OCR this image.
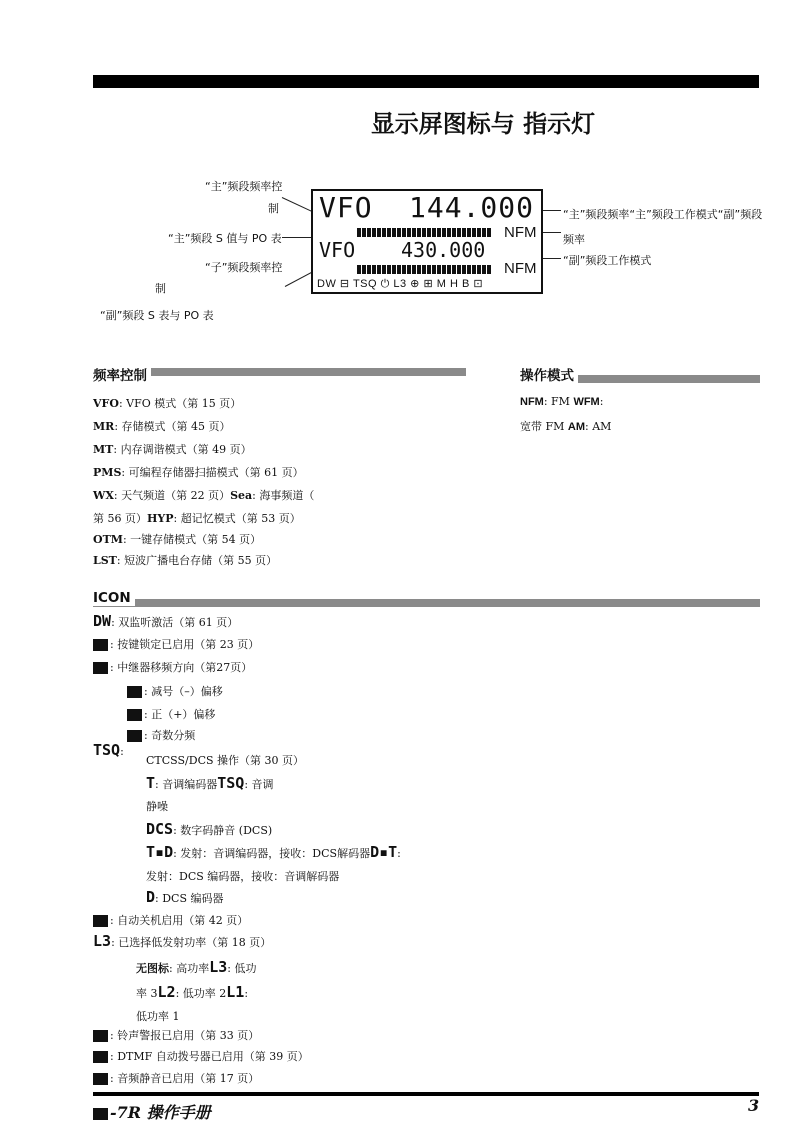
显示屏图标与 指示灯
“主”频段频率控
制
“主”频段 S 值与 PO 表
“子”频段频率控
制
“副”频段 S 表与 PO 表
“主”频段频率“主”频段工作模式“副”频段
频率
“副”频段工作模式
VFO 144.000
NFM
VFO 430.000
NFM
DW ⊟ TSQ ⏻ L3 ⊕ ⊞ M H B ⊡
频率控制
VFO: VFO 模式（第 15 页）
MR: 存储模式（第 45 页）
MT: 内存调谐模式（第 49 页）
PMS: 可编程存储器扫描模式（第 61 页）
WX: 天气频道（第 22 页）Sea: 海事频道（
第 56 页）HYP: 超记忆模式（第 53 页）
OTM: 一键存储模式（第 54 页）
LST: 短波广播电台存储（第 55 页）
操作模式
NFM: FM WFM:
宽带 FM AM: AM
ICON
DW: 双监听激活（第 61 页）
: 按键锁定已启用（第 23 页）
: 中继器移频方向（第27页）
: 减号（–）偏移
: 正（+）偏移
: 奇数分频
TSQ:
CTCSS/DCS 操作（第 30 页）
T: 音调编码器TSQ: 音调
静噪
DCS: 数字码静音 (DCS)
T▪D: 发射：音调编码器，接收：DCS解码器D▪T:
发射：DCS 编码器，接收：音调解码器
D: DCS 编码器
: 自动关机启用（第 42 页）
L3: 已选择低发射功率（第 18 页）
无图标: 高功率L3: 低功
率 3L2: 低功率 2L1:
低功率 1
: 铃声警报已启用（第 33 页）
: DTMF 自动拨号器已启用（第 39 页）
: 音频静音已启用（第 17 页）
-7R 操作手册	3
